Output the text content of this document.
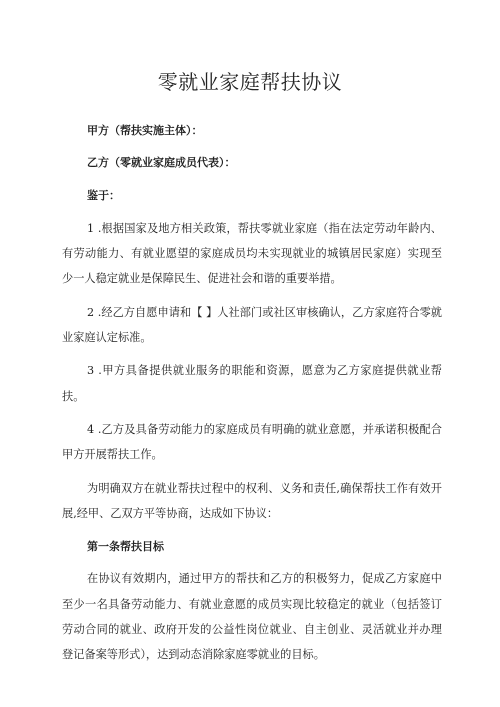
零就业家庭帮扶协议

甲方（帮扶实施主体）：

乙方（零就业家庭成员代表）：

鉴于：

1 .根据国家及地方相关政策，帮扶零就业家庭（指在法定劳动年龄内、有劳动能力、有就业愿望的家庭成员均未实现就业的城镇居民家庭）实现至少一人稳定就业是保障民生、促进社会和谐的重要举措。

2 .经乙方自愿申请和【 】人社部门或社区审核确认，乙方家庭符合零就业家庭认定标准。

3 .甲方具备提供就业服务的职能和资源，愿意为乙方家庭提供就业帮扶。

4 .乙方及具备劳动能力的家庭成员有明确的就业意愿，并承诺积极配合甲方开展帮扶工作。

为明确双方在就业帮扶过程中的权利、义务和责任,确保帮扶工作有效开展,经甲、乙双方平等协商，达成如下协议：

第一条帮扶目标

在协议有效期内，通过甲方的帮扶和乙方的积极努力，促成乙方家庭中至少一名具备劳动能力、有就业意愿的成员实现比较稳定的就业（包括签订劳动合同的就业、政府开发的公益性岗位就业、自主创业、灵活就业并办理登记备案等形式），达到动态消除家庭零就业的目标。
